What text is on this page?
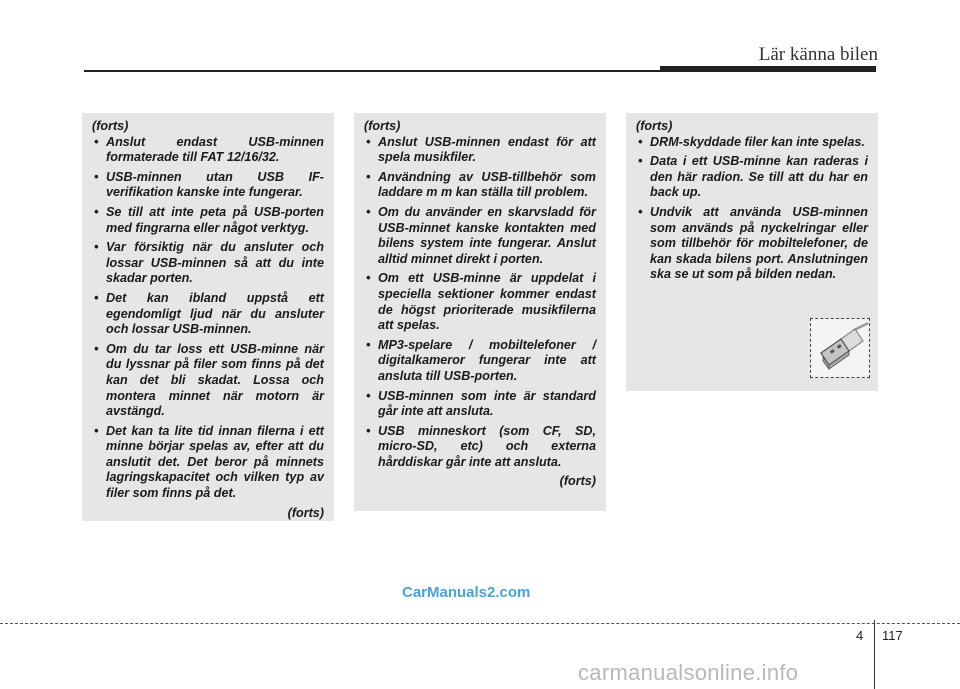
Lär känna bilen

(forts)

• Anslut endast USB-minnen formaterade till FAT 12/16/32.
• USB-minnen utan USB IF-verifikation kanske inte fungerar.
• Se till att inte peta på USB-porten med fingrarna eller något verktyg.
• Var försiktig när du ansluter och lossar USB-minnen så att du inte skadar porten.
• Det kan ibland uppstå ett egendomligt ljud när du ansluter och lossar USB-minnen.
• Om du tar loss ett USB-minne när du lyssnar på filer som finns på det kan det bli skadat. Lossa och montera minnet när motorn är avstängd.
• Det kan ta lite tid innan filerna i ett minne börjar spelas av, efter att du anslutit det. Det beror på minnets lagringskapacitet och vilken typ av filer som finns på det.

(forts)

(forts)

• Anslut USB-minnen endast för att spela musikfiler.
• Användning av USB-tillbehör som laddare m m kan ställa till problem.
• Om du använder en skarvsladd för USB-minnet kanske kontakten med bilens system inte fungerar. Anslut alltid minnet direkt i porten.
• Om ett USB-minne är uppdelat i speciella sektioner kommer endast de högst prioriterade musikfilerna att spelas.
• MP3-spelare / mobiltelefoner / digitalkameror fungerar inte att ansluta till USB-porten.
• USB-minnen som inte är standard går inte att ansluta.
• USB minneskort (som CF, SD, micro-SD, etc) och externa hårddiskar går inte att ansluta.

(forts)

(forts)

• DRM-skyddade filer kan inte spelas.
• Data i ett USB-minne kan raderas i den här radion. Se till att du har en back up.
• Undvik att använda USB-minnen som används på nyckelringar eller som tillbehör för mobiltelefoner, de kan skada bilens port. Anslutningen ska se ut som på bilden nedan.
CarManuals2.com
4 117
carmanualsonline.info
